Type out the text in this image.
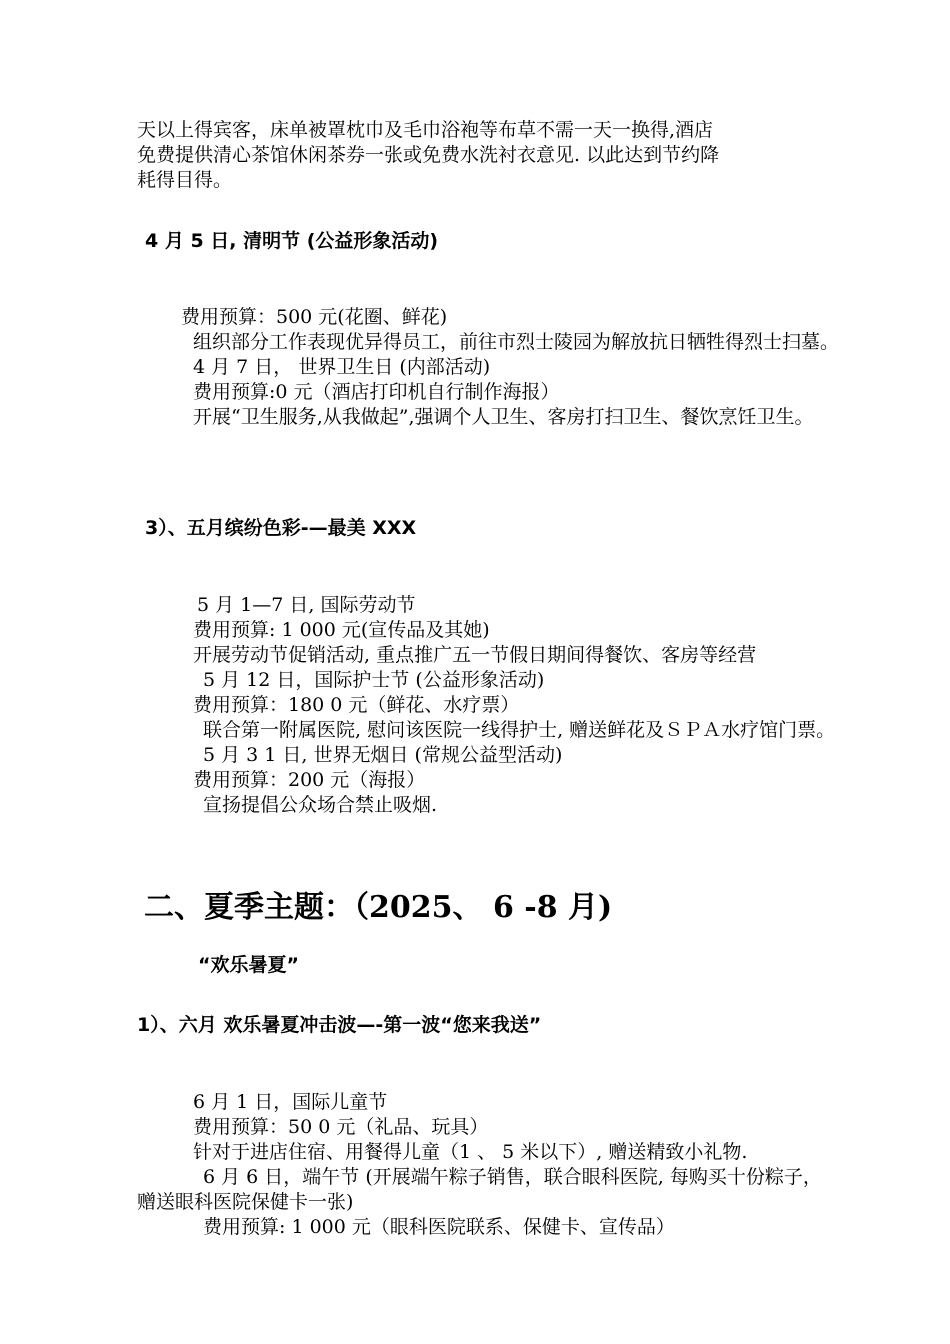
天以上得宾客，床单被罩枕巾及毛巾浴袍等布草不需一天一换得,酒店
免费提供清心茶馆休闲茶券一张或免费水洗衬衣意见. 以此达到节约降
耗得目得。
4 月 5 日, 清明节 (公益形象活动)
费用预算：500 元(花圈、鲜花)
组织部分工作表现优异得员工，前往市烈士陵园为解放抗日牺牲得烈士扫墓。
4 月 7 日， 世界卫生日 (内部活动)
费用预算:0 元（酒店打印机自行制作海报）
开展“卫生服务,从我做起”,强调个人卫生、客房打扫卫生、餐饮烹饪卫生。
3）、五月缤纷色彩-—最美 XXX
5 月 1—7 日, 国际劳动节
费用预算: 1 000 元(宣传品及其她)
开展劳动节促销活动, 重点推广五一节假日期间得餐饮、客房等经营
5 月 12 日，国际护士节 (公益形象活动)
费用预算：180 0 元（鲜花、水疗票）
联合第一附属医院, 慰问该医院一线得护士, 赠送鲜花及ＳＰＡ水疗馆门票。
5 月 3 1 日, 世界无烟日 (常规公益型活动)
费用预算：200 元（海报）
宣扬提倡公众场合禁止吸烟.
二、夏季主题：（2025、 6 -8 月)
“欢乐暑夏”
1）、六月 欢乐暑夏冲击波—-第一波“您来我送”
6 月 1 日，国际儿童节
费用预算：50 0 元（礼品、玩具）
针对于进店住宿、用餐得儿童（1 、 5 米以下）, 赠送精致小礼物.
6 月 6 日，端午节 (开展端午粽子销售，联合眼科医院, 每购买十份粽子，赠送眼科医院保健卡一张)
费用预算: 1 000 元（眼科医院联系、保健卡、宣传品）
